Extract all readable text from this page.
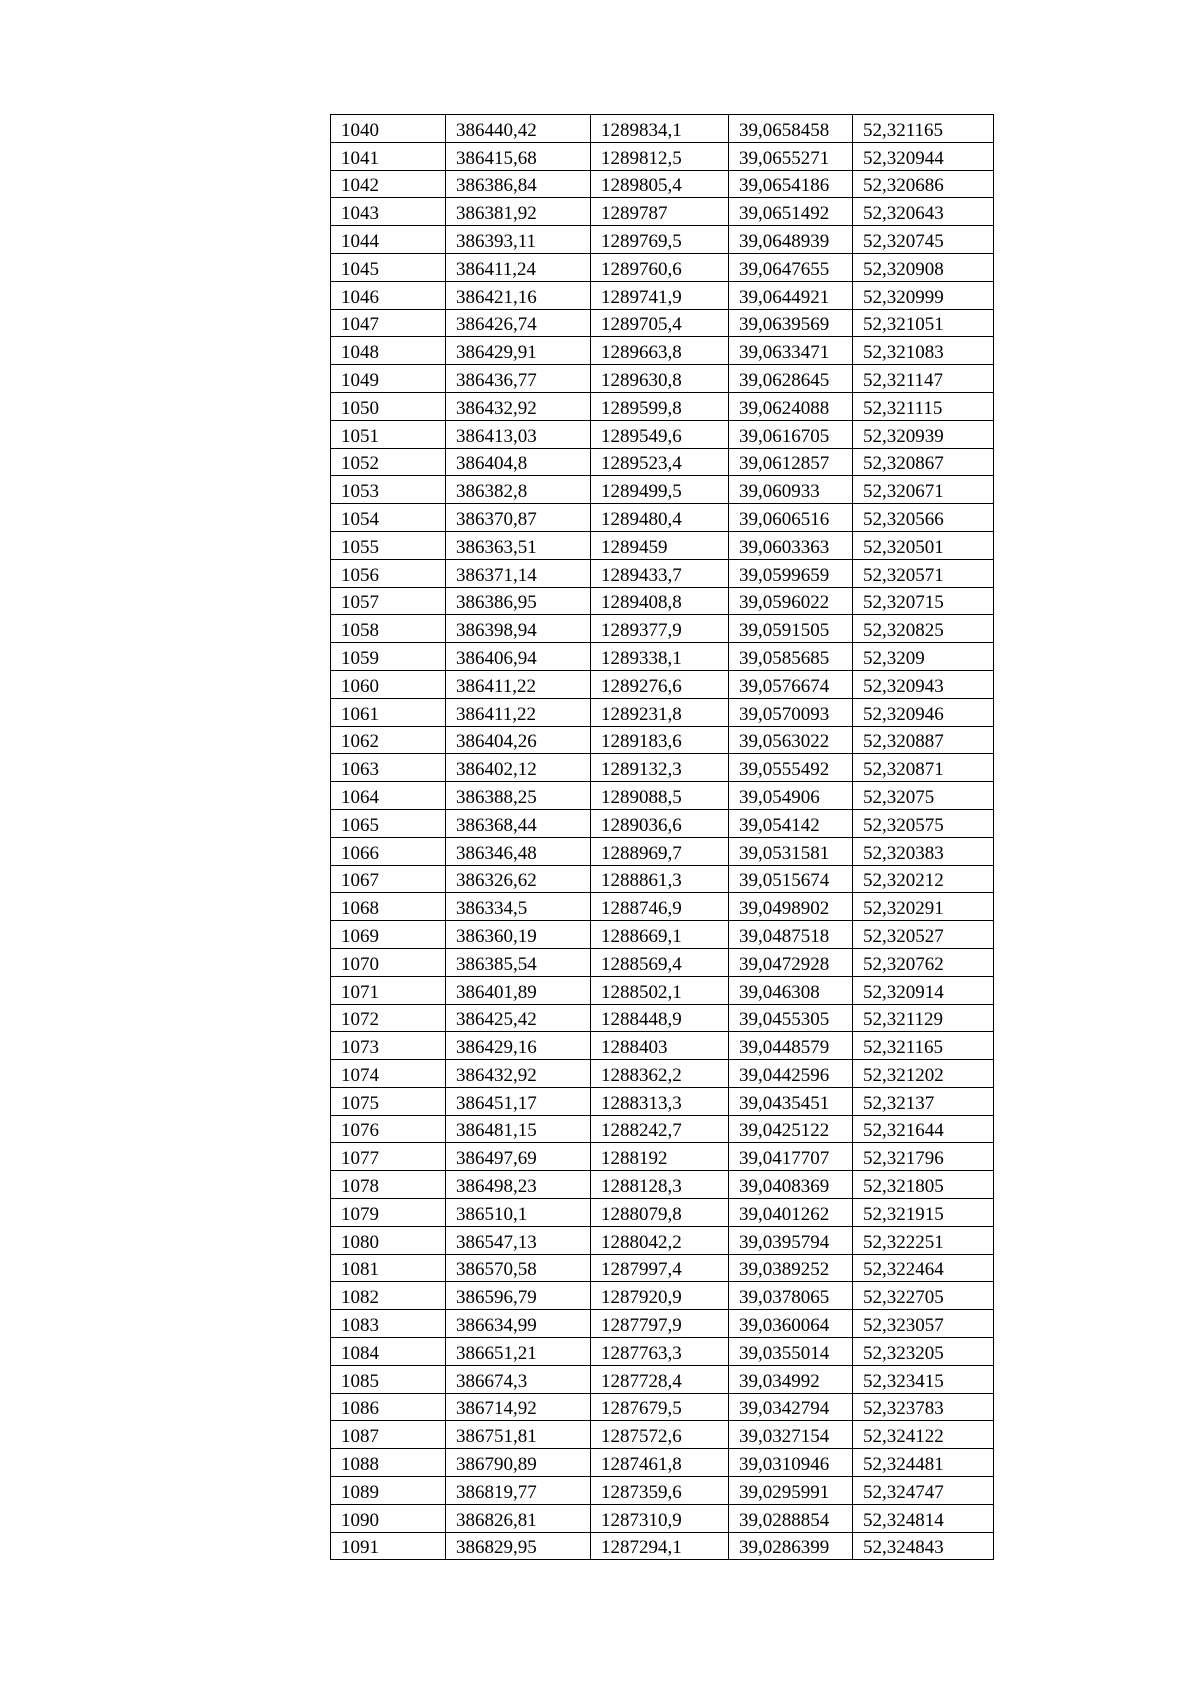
1040	386440,42	1289834,1	39,0658458	52,321165
1041	386415,68	1289812,5	39,0655271	52,320944
1042	386386,84	1289805,4	39,0654186	52,320686
1043	386381,92	1289787	39,0651492	52,320643
1044	386393,11	1289769,5	39,0648939	52,320745
1045	386411,24	1289760,6	39,0647655	52,320908
1046	386421,16	1289741,9	39,0644921	52,320999
1047	386426,74	1289705,4	39,0639569	52,321051
1048	386429,91	1289663,8	39,0633471	52,321083
1049	386436,77	1289630,8	39,0628645	52,321147
1050	386432,92	1289599,8	39,0624088	52,321115
1051	386413,03	1289549,6	39,0616705	52,320939
1052	386404,8	1289523,4	39,0612857	52,320867
1053	386382,8	1289499,5	39,060933	52,320671
1054	386370,87	1289480,4	39,0606516	52,320566
1055	386363,51	1289459	39,0603363	52,320501
1056	386371,14	1289433,7	39,0599659	52,320571
1057	386386,95	1289408,8	39,0596022	52,320715
1058	386398,94	1289377,9	39,0591505	52,320825
1059	386406,94	1289338,1	39,0585685	52,3209
1060	386411,22	1289276,6	39,0576674	52,320943
1061	386411,22	1289231,8	39,0570093	52,320946
1062	386404,26	1289183,6	39,0563022	52,320887
1063	386402,12	1289132,3	39,0555492	52,320871
1064	386388,25	1289088,5	39,054906	52,32075
1065	386368,44	1289036,6	39,054142	52,320575
1066	386346,48	1288969,7	39,0531581	52,320383
1067	386326,62	1288861,3	39,0515674	52,320212
1068	386334,5	1288746,9	39,0498902	52,320291
1069	386360,19	1288669,1	39,0487518	52,320527
1070	386385,54	1288569,4	39,0472928	52,320762
1071	386401,89	1288502,1	39,046308	52,320914
1072	386425,42	1288448,9	39,0455305	52,321129
1073	386429,16	1288403	39,0448579	52,321165
1074	386432,92	1288362,2	39,0442596	52,321202
1075	386451,17	1288313,3	39,0435451	52,32137
1076	386481,15	1288242,7	39,0425122	52,321644
1077	386497,69	1288192	39,0417707	52,321796
1078	386498,23	1288128,3	39,0408369	52,321805
1079	386510,1	1288079,8	39,0401262	52,321915
1080	386547,13	1288042,2	39,0395794	52,322251
1081	386570,58	1287997,4	39,0389252	52,322464
1082	386596,79	1287920,9	39,0378065	52,322705
1083	386634,99	1287797,9	39,0360064	52,323057
1084	386651,21	1287763,3	39,0355014	52,323205
1085	386674,3	1287728,4	39,034992	52,323415
1086	386714,92	1287679,5	39,0342794	52,323783
1087	386751,81	1287572,6	39,0327154	52,324122
1088	386790,89	1287461,8	39,0310946	52,324481
1089	386819,77	1287359,6	39,0295991	52,324747
1090	386826,81	1287310,9	39,0288854	52,324814
1091	386829,95	1287294,1	39,0286399	52,324843
